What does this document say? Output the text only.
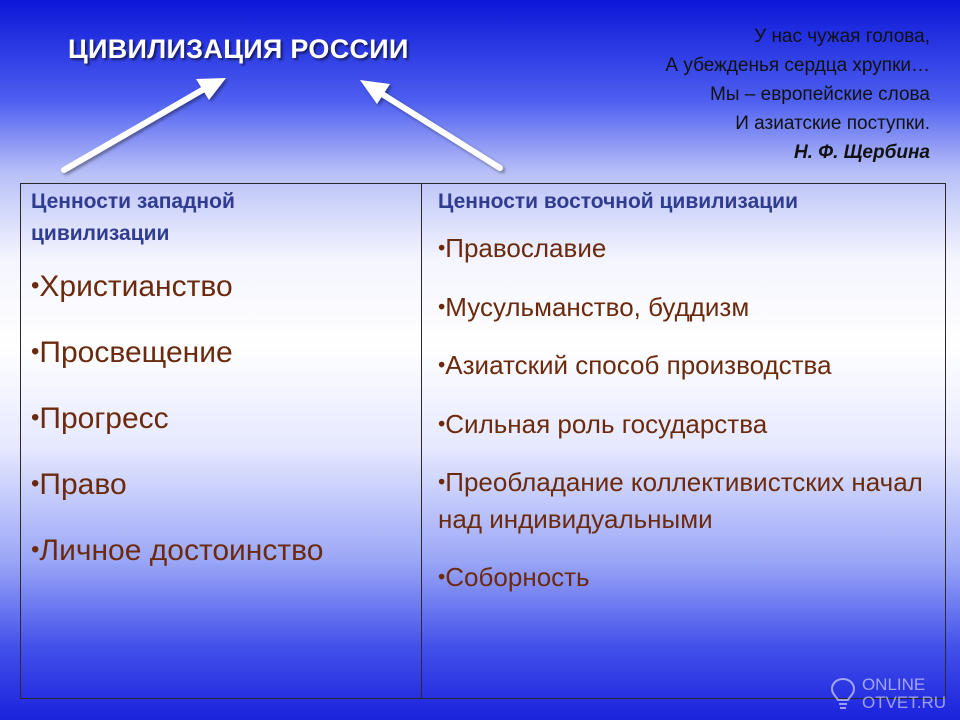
ЦИВИЛИЗАЦИЯ РОССИИ	У нас чужая голова,
А убежденья сердца хрупки…
Мы – европейские слова
И азиатские поступки.
Н. Ф. Щербина
Ценности западной
цивилизации
•Христианство
•Просвещение
•Прогресс
•Право
•Личное достоинство
Ценности восточной цивилизации
•Православие
•Мусульманство, буддизм
•Азиатский способ производства
•Сильная роль государства
•Преобладание коллективистских начал над индивидуальными
•Соборность
ONLINE
OTVET.RU
